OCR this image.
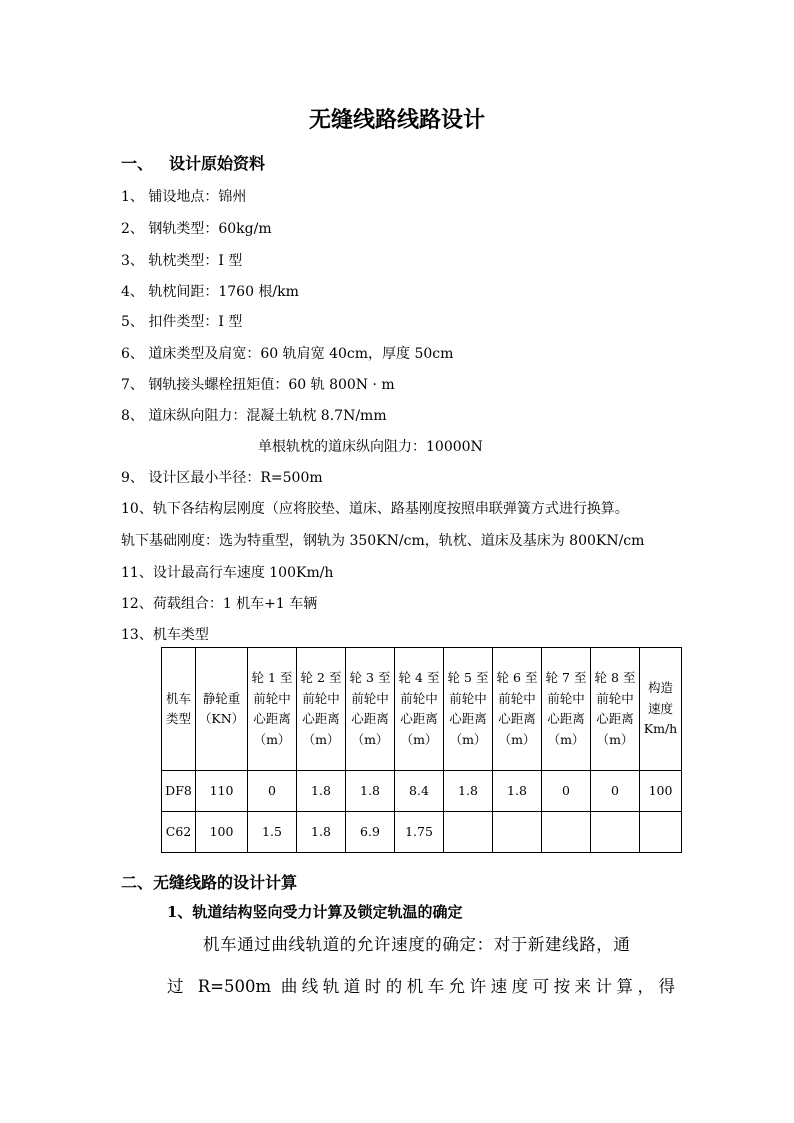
无缝线路线路设计
一、 设计原始资料
1、 铺设地点：锦州
2、 钢轨类型：60kg/m
3、 轨枕类型：I 型
4、 轨枕间距：1760 根/km
5、 扣件类型：I 型
6、 道床类型及肩宽：60 轨肩宽 40cm，厚度 50cm
7、 钢轨接头螺栓扭矩值：60 轨 800N · m
8、 道床纵向阻力：混凝土轨枕 8.7N/mm
单根轨枕的道床纵向阻力：10000N
9、 设计区最小半径：R=500m
10、轨下各结构层刚度（应将胶垫、道床、路基刚度按照串联弹簧方式进行换算。
轨下基础刚度：选为特重型，钢轨为 350KN/cm，轨枕、道床及基床为 800KN/cm
11、设计最高行车速度 100Km/h
12、荷载组合：1 机车+1 车辆
13、机车类型
机车类型	静轮重（KN）	轮 1 至前轮中心距离（m）	轮 2 至前轮中心距离（m）	轮 3 至前轮中心距离（m）	轮 4 至前轮中心距离（m）	轮 5 至前轮中心距离（m）	轮 6 至前轮中心距离（m）	轮 7 至前轮中心距离（m）	轮 8 至前轮中心距离（m）	构造速度 Km/h
DF8	110	0	1.8	1.8	8.4	1.8	1.8	0	0	100
C62	100	1.5	1.8	6.9	1.75					
二、无缝线路的设计计算
1、轨道结构竖向受力计算及锁定轨温的确定
机车通过曲线轨道的允许速度的确定：对于新建线路，通
过 R=500m 曲线轨道时的机车允许速度可按来计算，得
